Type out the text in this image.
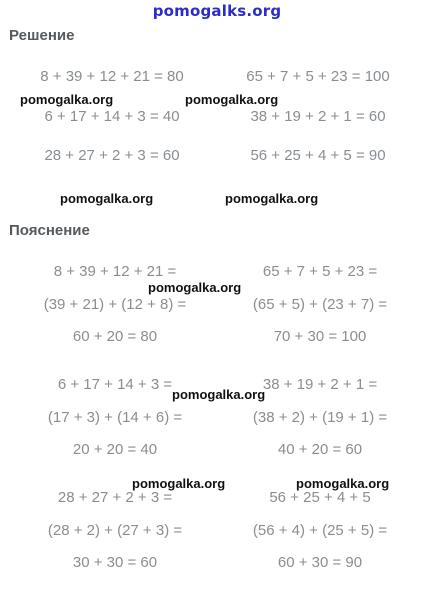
pomogalks.org
Решение
8 + 39 + 12 + 21 = 80	65 + 7 + 5 + 23 = 100
6 + 17 + 14 + 3 = 40	38 + 19 + 2 + 1 = 60
28 + 27 + 2 + 3 = 60	56 + 25 + 4 + 5 = 90
Пояснение
8 + 39 + 12 + 21 =
(39 + 21) + (12 + 8) =
60 + 20 = 80
65 + 7 + 5 + 23 =
(65 + 5) + (23 + 7) =
70 + 30 = 100
6 + 17 + 14 + 3 =
(17 + 3) + (14 + 6) =
20 + 20 = 40
38 + 19 + 2 + 1 =
(38 + 2) + (19 + 1) =
40 + 20 = 60
28 + 27 + 2 + 3 =
(28 + 2) + (27 + 3) =
30 + 30 = 60
56 + 25 + 4 + 5
(56 + 4) + (25 + 5) =
60 + 30 = 90
pomogalka.org	pomogalka.org
pomogalka.org	pomogalka.org
pomogalka.org
pomogalka.org
pomogalka.org	pomogalka.org
